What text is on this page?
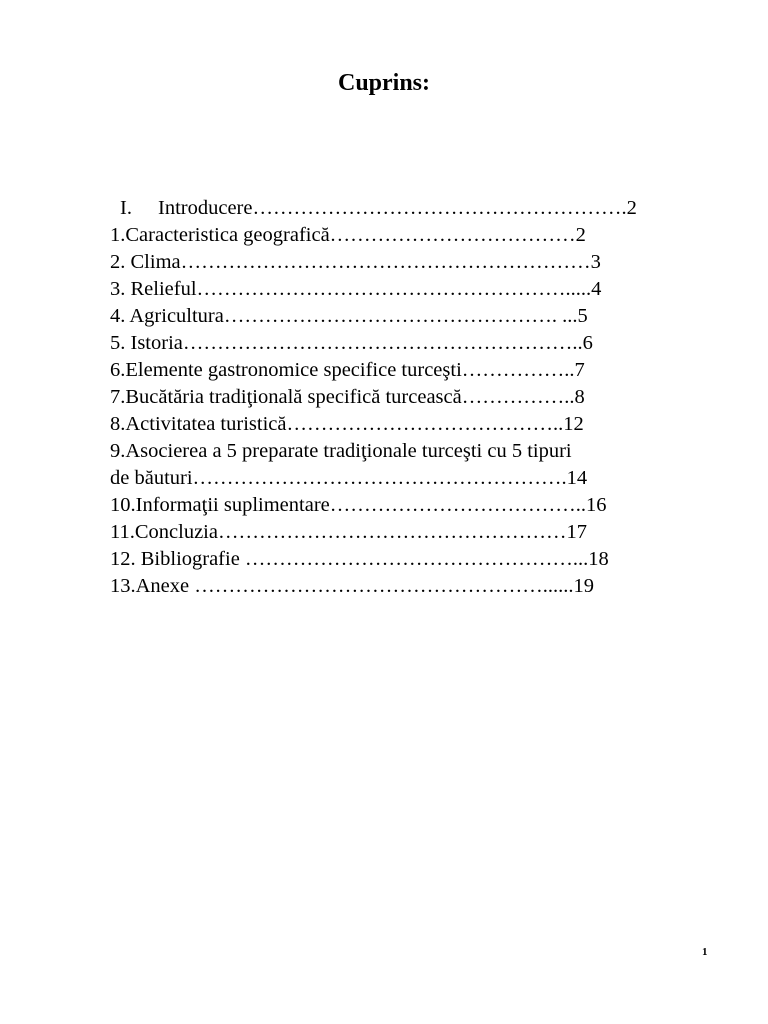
Cuprins:
I. Introducere……………………………………………….2
1.Caracteristica geografică………………………………2
2. Clima……………………………………………………3
3. Relieful……………………………………………….....4
4. Agricultura…………………………………………. ...5
5. Istoria…………………………………………………..6
6.Elemente gastronomice specifice turceşti……………..7
7.Bucătăria tradiţională specifică turcească……………..8
8.Activitatea turistică…………………………………..12
9.Asocierea a 5 preparate tradiţionale turceşti cu 5 tipuri
de băuturi……………………………………………….14
10.Informaţii suplimentare………………………………..16
11.Concluzia……………………………………………17
12. Bibliografie …………………………………………...18
13.Anexe ……………………………………………......19
1
